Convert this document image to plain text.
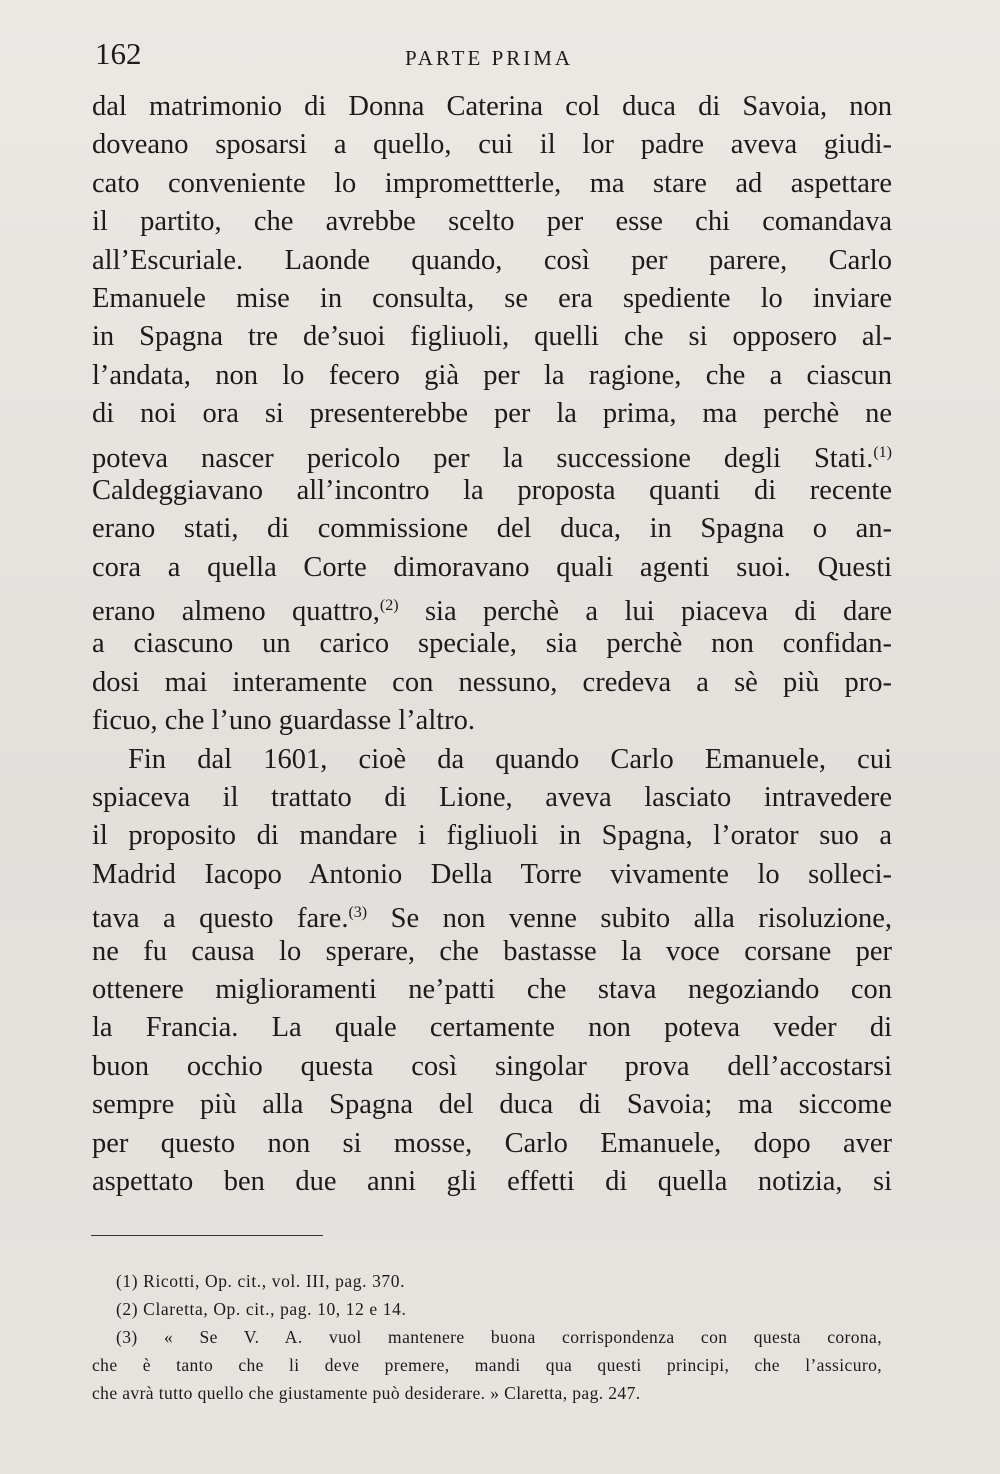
162	PARTE PRIMA
dal matrimonio di Donna Caterina col duca di Savoia, non
doveano sposarsi a quello, cui il lor padre aveva giudi-
cato conveniente lo impromettterle, ma stare ad aspettare
il partito, che avrebbe scelto per esse chi comandava
all’Escuriale. Laonde quando, così per parere, Carlo
Emanuele mise in consulta, se era spediente lo inviare
in Spagna tre de’suoi figliuoli, quelli che si opposero al-
l’andata, non lo fecero già per la ragione, che a ciascun
di noi ora si presenterebbe per la prima, ma perchè ne
poteva nascer pericolo per la successione degli Stati.$^{(1)}$
Caldeggiavano all’incontro la proposta quanti di recente
erano stati, di commissione del duca, in Spagna o an-
cora a quella Corte dimoravano quali agenti suoi. Questi
erano almeno quattro,$^{(2)}$ sia perchè a lui piaceva di dare
a ciascuno un carico speciale, sia perchè non confidan-
dosi mai interamente con nessuno, credeva a sè più pro-
ficuo, che l’uno guardasse l’altro.
Fin dal 1601, cioè da quando Carlo Emanuele, cui
spiaceva il trattato di Lione, aveva lasciato intravedere
il proposito di mandare i figliuoli in Spagna, l’orator suo a
Madrid Iacopo Antonio Della Torre vivamente lo solleci-
tava a questo fare.$^{(3)}$ Se non venne subito alla risoluzione,
ne fu causa lo sperare, che bastasse la voce corsane per
ottenere miglioramenti ne’patti che stava negoziando con
la Francia. La quale certamente non poteva veder di
buon occhio questa così singolar prova dell’accostarsi
sempre più alla Spagna del duca di Savoia; ma siccome
per questo non si mosse, Carlo Emanuele, dopo aver
aspettato ben due anni gli effetti di quella notizia, si
(1) Ricotti, Op. cit., vol. III, pag. 370.
(2) Claretta, Op. cit., pag. 10, 12 e 14.
(3) « Se V. A. vuol mantenere buona corrispondenza con questa corona,
che è tanto che li deve premere, mandi qua questi principi, che l’assicuro,
che avrà tutto quello che giustamente può desiderare. » Claretta, pag. 247.
